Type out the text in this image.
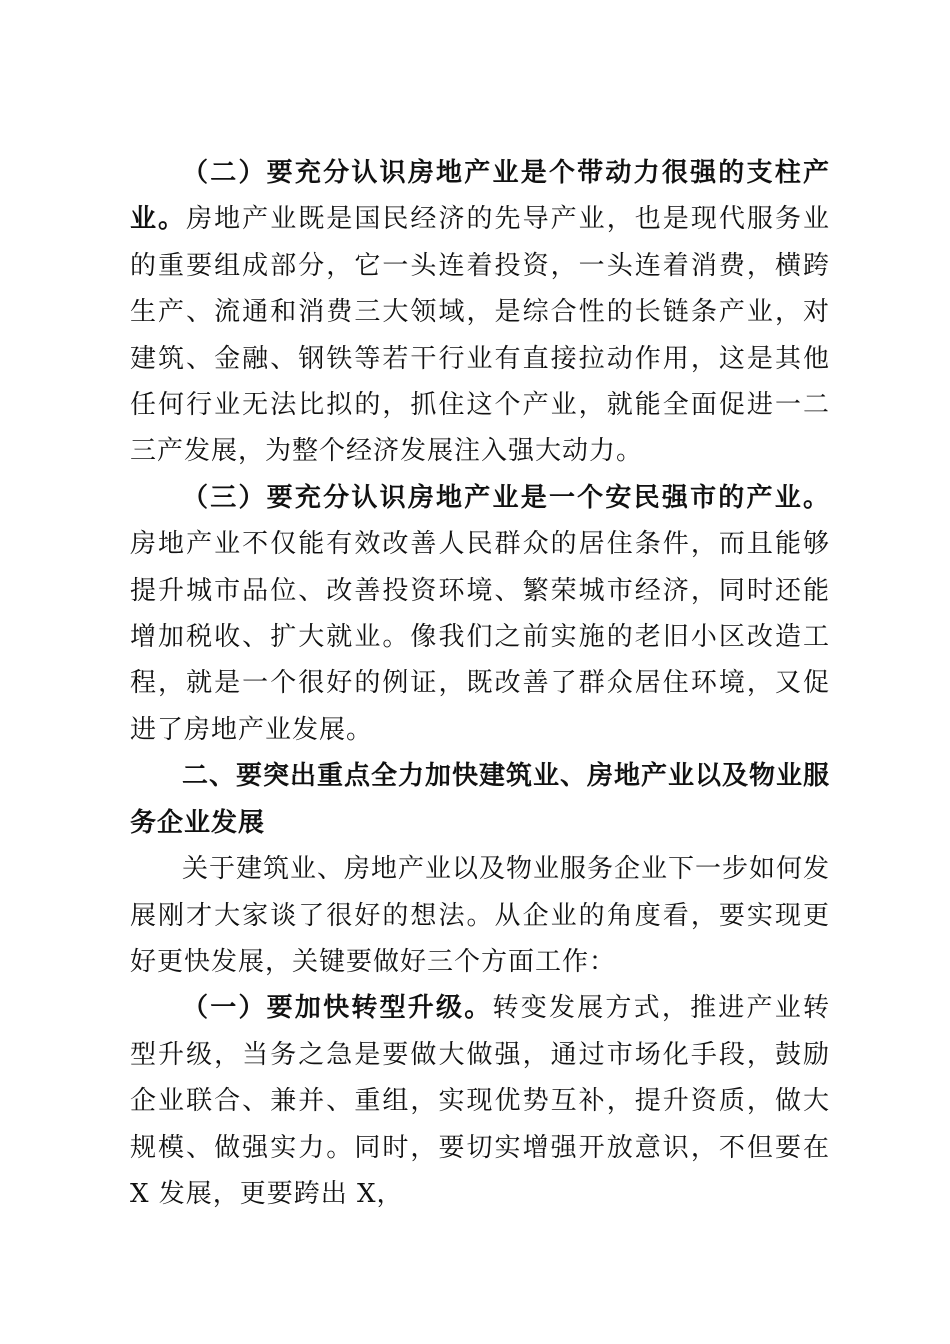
（二）要充分认识房地产业是个带动力很强的支柱产业。房地产业既是国民经济的先导产业，也是现代服务业的重要组成部分，它一头连着投资，一头连着消费，横跨生产、流通和消费三大领域，是综合性的长链条产业，对建筑、金融、钢铁等若干行业有直接拉动作用，这是其他任何行业无法比拟的，抓住这个产业，就能全面促进一二三产发展，为整个经济发展注入强大动力。

（三）要充分认识房地产业是一个安民强市的产业。房地产业不仅能有效改善人民群众的居住条件，而且能够提升城市品位、改善投资环境、繁荣城市经济，同时还能增加税收、扩大就业。像我们之前实施的老旧小区改造工程，就是一个很好的例证，既改善了群众居住环境，又促进了房地产业发展。

二、要突出重点全力加快建筑业、房地产业以及物业服务企业发展

关于建筑业、房地产业以及物业服务企业下一步如何发展刚才大家谈了很好的想法。从企业的角度看，要实现更好更快发展，关键要做好三个方面工作：

（一）要加快转型升级。转变发展方式，推进产业转型升级，当务之急是要做大做强，通过市场化手段，鼓励企业联合、兼并、重组，实现优势互补，提升资质，做大规模、做强实力。同时，要切实增强开放意识，不但要在 X 发展，更要跨出 X，
